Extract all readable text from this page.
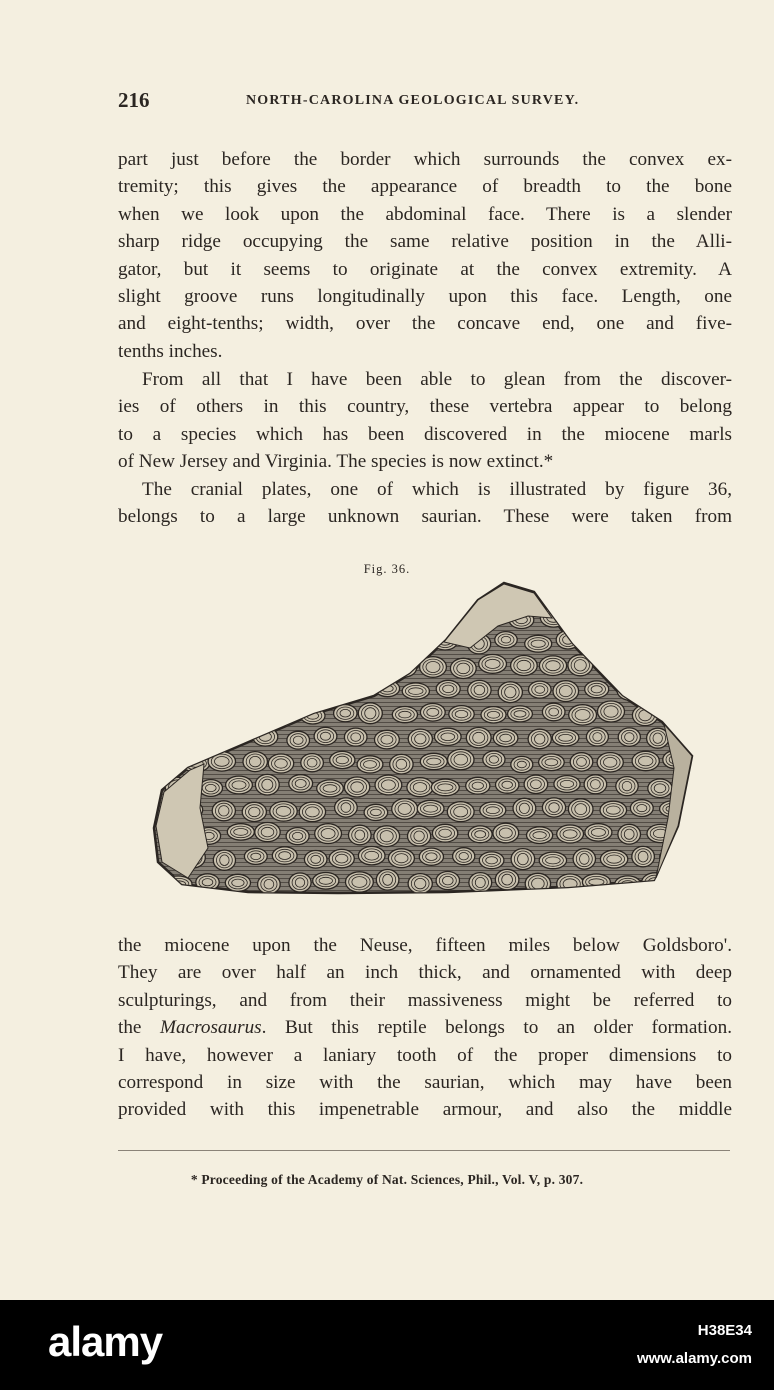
216	NORTH-CAROLINA GEOLOGICAL SURVEY.
part just before the border which surrounds the convex ex-
tremity; this gives the appearance of breadth to the bone
when we look upon the abdominal face. There is a slender
sharp ridge occupying the same relative position in the Alli-
gator, but it seems to originate at the convex extremity. A
slight groove runs longitudinally upon this face. Length, one
and eight-tenths; width, over the concave end, one and five-
tenths inches.
From all that I have been able to glean from the discover-
ies of others in this country, these vertebra appear to belong
to a species which has been discovered in the miocene marls
of New Jersey and Virginia. The species is now extinct.*
The cranial plates, one of which is illustrated by figure 36,
belongs to a large unknown saurian. These were taken from
Fig. 36.
the miocene upon the Neuse, fifteen miles below Goldsboro'.
They are over half an inch thick, and ornamented with deep
sculpturings, and from their massiveness might be referred to
the Macrosaurus. But this reptile belongs to an older formation.
I have, however a laniary tooth of the proper dimensions to
correspond in size with the saurian, which may have been
provided with this impenetrable armour, and also the middle
* Proceeding of the Academy of Nat. Sciences, Phil., Vol. V, p. 307.
alamy	H38E34
www.alamy.com
